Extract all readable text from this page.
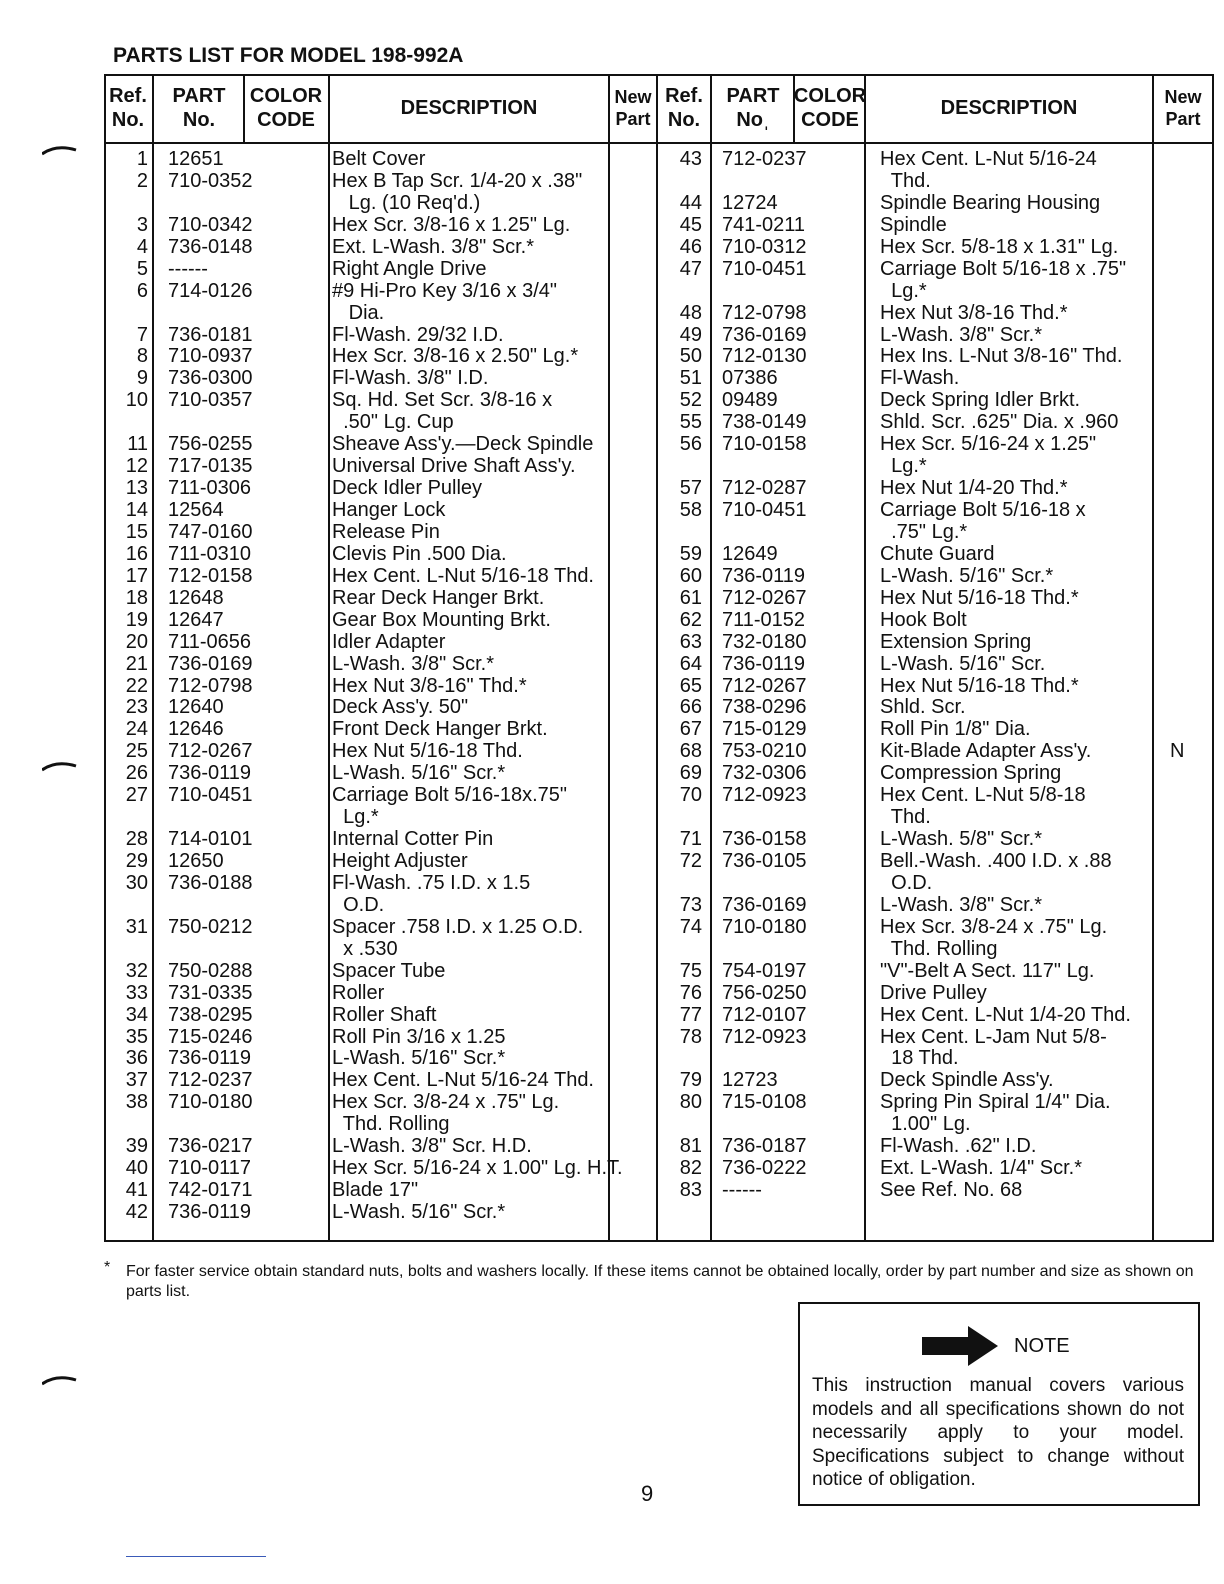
PARTS LIST FOR MODEL 198-992A
Ref.
No.
PART
No.
COLOR
CODE
DESCRIPTION	New
Part
Ref.
No.
PART
Noˌ
COLOR
CODE
DESCRIPTION	New
Part
1
2
3
4
5
6
7
8
9
10
11
12
13
14
15
16
17
18
19
20
21
22
23
24
25
26
27
28
29
30
31
32
33
34
35
36
37
38
39
40
41
42
12651
710-0352
710-0342
736-0148
------
714-0126
736-0181
710-0937
736-0300
710-0357
756-0255
717-0135
711-0306
12564
747-0160
711-0310
712-0158
12648
12647
711-0656
736-0169
712-0798
12640
12646
712-0267
736-0119
710-0451
714-0101
12650
736-0188
750-0212
750-0288
731-0335
738-0295
715-0246
736-0119
712-0237
710-0180
736-0217
710-0117
742-0171
736-0119
Belt Cover
Hex B Tap Scr. 1/4-20 x .38"
Lg. (10 Req'd.)
Hex Scr. 3/8-16 x 1.25" Lg.
Ext. L-Wash. 3/8" Scr.*
Right Angle Drive
#9 Hi-Pro Key 3/16 x 3/4"
Dia.
Fl-Wash. 29/32 I.D.
Hex Scr. 3/8-16 x 2.50" Lg.*
Fl-Wash. 3/8" I.D.
Sq. Hd. Set Scr. 3/8-16 x
.50" Lg. Cup
Sheave Ass'y.—Deck Spindle
Universal Drive Shaft Ass'y.
Deck Idler Pulley
Hanger Lock
Release Pin
Clevis Pin .500 Dia.
Hex Cent. L-Nut 5/16-18 Thd.
Rear Deck Hanger Brkt.
Gear Box Mounting Brkt.
Idler Adapter
L-Wash. 3/8" Scr.*
Hex Nut 3/8-16" Thd.*
Deck Ass'y. 50"
Front Deck Hanger Brkt.
Hex Nut 5/16-18 Thd.
L-Wash. 5/16" Scr.*
Carriage Bolt 5/16-18x.75"
Lg.*
Internal Cotter Pin
Height Adjuster
Fl-Wash. .75 I.D. x 1.5
O.D.
Spacer .758 I.D. x 1.25 O.D.
x .530
Spacer Tube
Roller
Roller Shaft
Roll Pin 3/16 x 1.25
L-Wash. 5/16" Scr.*
Hex Cent. L-Nut 5/16-24 Thd.
Hex Scr. 3/8-24 x .75" Lg.
Thd. Rolling
L-Wash. 3/8" Scr. H.D.
Hex Scr. 5/16-24 x 1.00" Lg. H.T.
Blade 17"
L-Wash. 5/16" Scr.*
43
44
45
46
47
48
49
50
51
52
55
56
57
58
59
60
61
62
63
64
65
66
67
68
69
70
71
72
73
74
75
76
77
78
79
80
81
82
83
712-0237
12724
741-0211
710-0312
710-0451
712-0798
736-0169
712-0130
07386
09489
738-0149
710-0158
712-0287
710-0451
12649
736-0119
712-0267
711-0152
732-0180
736-0119
712-0267
738-0296
715-0129
753-0210
732-0306
712-0923
736-0158
736-0105
736-0169
710-0180
754-0197
756-0250
712-0107
712-0923
12723
715-0108
736-0187
736-0222
------
Hex Cent. L-Nut 5/16-24
Thd.
Spindle Bearing Housing
Spindle
Hex Scr. 5/8-18 x 1.31" Lg.
Carriage Bolt 5/16-18 x .75"
Lg.*
Hex Nut 3/8-16 Thd.*
L-Wash. 3/8" Scr.*
Hex Ins. L-Nut 3/8-16" Thd.
Fl-Wash.
Deck Spring Idler Brkt.
Shld. Scr. .625" Dia. x .960
Hex Scr. 5/16-24 x 1.25"
Lg.*
Hex Nut 1/4-20 Thd.*
Carriage Bolt 5/16-18 x
.75" Lg.*
Chute Guard
L-Wash. 5/16" Scr.*
Hex Nut 5/16-18 Thd.*
Hook Bolt
Extension Spring
L-Wash. 5/16" Scr.
Hex Nut 5/16-18 Thd.*
Shld. Scr.
Roll Pin 1/8" Dia.
Kit-Blade Adapter Ass'y.
Compression Spring
Hex Cent. L-Nut 5/8-18
Thd.
L-Wash. 5/8" Scr.*
Bell.-Wash. .400 I.D. x .88
O.D.
L-Wash. 3/8" Scr.*
Hex Scr. 3/8-24 x .75" Lg.
Thd. Rolling
"V"-Belt A Sect. 117" Lg.
Drive Pulley
Hex Cent. L-Nut 1/4-20 Thd.
Hex Cent. L-Jam Nut 5/8-
18 Thd.
Deck Spindle Ass'y.
Spring Pin Spiral 1/4" Dia.
1.00" Lg.
Fl-Wash. .62" I.D.
Ext. L-Wash. 1/4" Scr.*
See Ref. No. 68
N
* For faster service obtain standard nuts, bolts and washers locally. If these items cannot be obtained locally, order by part number and size as shown on parts list.
NOTE
This instruction manual covers various models and all specifications shown do not necessarily apply to your model. Specifications subject to change without notice of obligation.
9
